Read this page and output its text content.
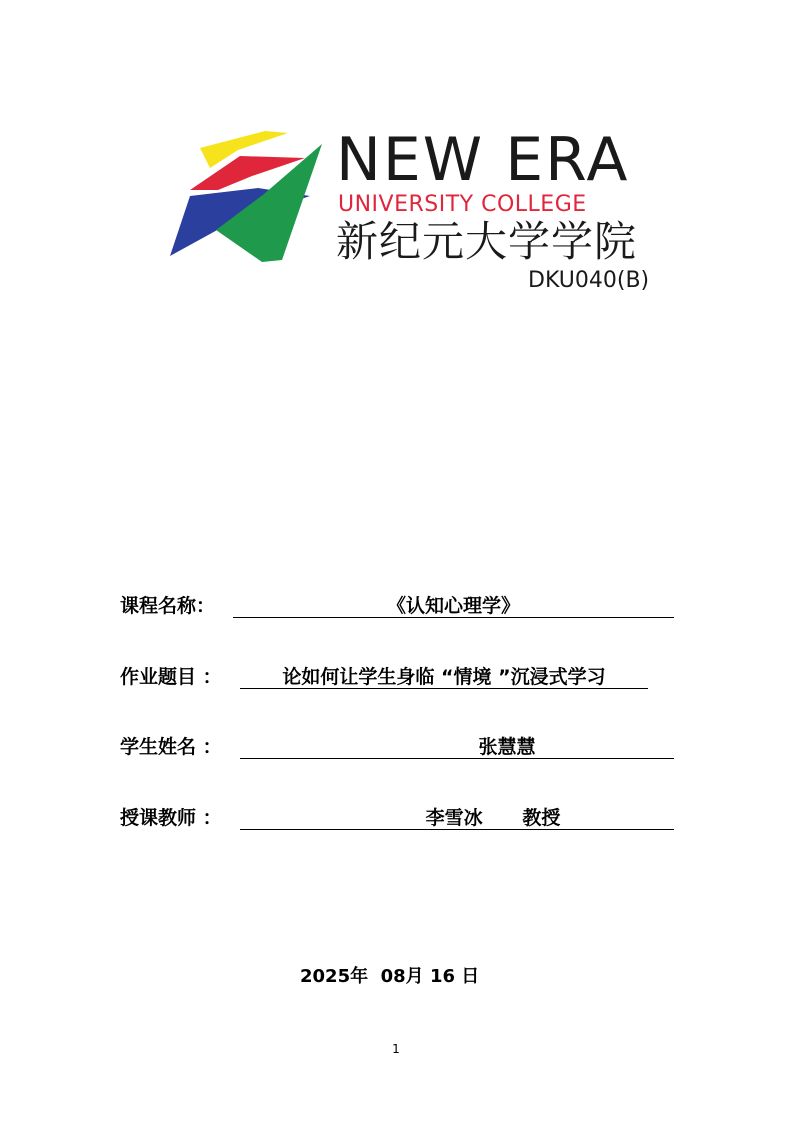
NEW ERA
UNIVERSITY COLLEGE
新纪元大学学院
DKU040(B)
课程名称：	《认知心理学》
作业题目 ：	论如何让学生身临 “情境 ”沉浸式学习
学生姓名 ：	张慧慧
授课教师 ：	李雪冰      教授
2025年  08月 16 日
1
